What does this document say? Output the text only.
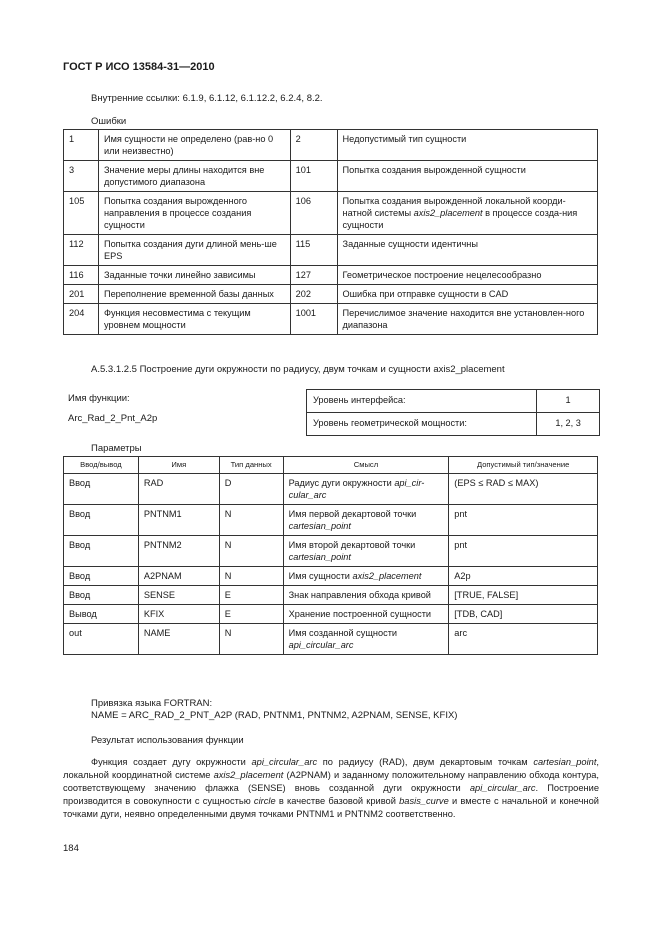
ГОСТ Р ИСО 13584-31—2010
Внутренние ссылки: 6.1.9, 6.1.12, 6.1.12.2, 6.2.4, 8.2.
Ошибки
1	Имя сущности не определено (рав-но 0 или неизвестно)	2	Недопустимый тип сущности
3	Значение меры длины находится вне допустимого диапазона	101	Попытка создания вырожденной сущности
105	Попытка создания вырожденного направления в процессе создания сущности	106	Попытка создания вырожденной локальной коорди-натной системы axis2_placement в процессе созда-ния сущности
112	Попытка создания дуги длиной мень-ше EPS	115	Заданные сущности идентичны
116	Заданные точки линейно зависимы	127	Геометрическое построение нецелесообразно
201	Переполнение временной базы данных	202	Ошибка при отправке сущности в CAD
204	Функция несовместима с текущим уровнем мощности	1001	Перечислимое значение находится вне установлен-ного диапазона
А.5.3.1.2.5 Построение дуги окружности по радиусу, двум точкам и сущности axis2_placement
Имя функции:
Arc_Rad_2_Pnt_A2p
Уровень интерфейса:	1
Уровень геометрической мощности:	1, 2, 3
Параметры
Ввод/вывод	Имя	Тип данных	Смысл	Допустимый тип/значение
Ввод	RAD	D	Радиус дуги окружности api_cir-cular_arc	(EPS ≤ RAD ≤ MAX)
Ввод	PNTNM1	N	Имя первой декартовой точки cartesian_point	pnt
Ввод	PNTNM2	N	Имя второй декартовой точки cartesian_point	pnt
Ввод	A2PNAM	N	Имя сущности axis2_placement	A2p
Ввод	SENSE	E	Знак направления обхода кривой	[TRUE, FALSE]
Вывод	KFIX	E	Хранение построенной сущности	[TDB, CAD]
out	NAME	N	Имя созданной сущности api_circular_arc	arc
Привязка языка FORTRAN:
NAME = ARC_RAD_2_PNT_A2P (RAD, PNTNM1, PNTNM2, A2PNAM, SENSE, KFIX)
Результат использования функции
Функция создает дугу окружности api_circular_arc по радиусу (RAD), двум декартовым точкам cartesian_point, локальной координатной системе axis2_placement (A2PNAM) и заданному положительному направлению обхода контура, соответствующему значению флажка (SENSE) вновь созданной дуги окружности api_circular_arc. Построение производится в совокупности с сущностью circle в качестве базовой кривой basis_curve и вместе с начальной и конечной точками дуги, неявно определенными двумя точками PNTNM1 и PNTNM2 соответственно.
184
